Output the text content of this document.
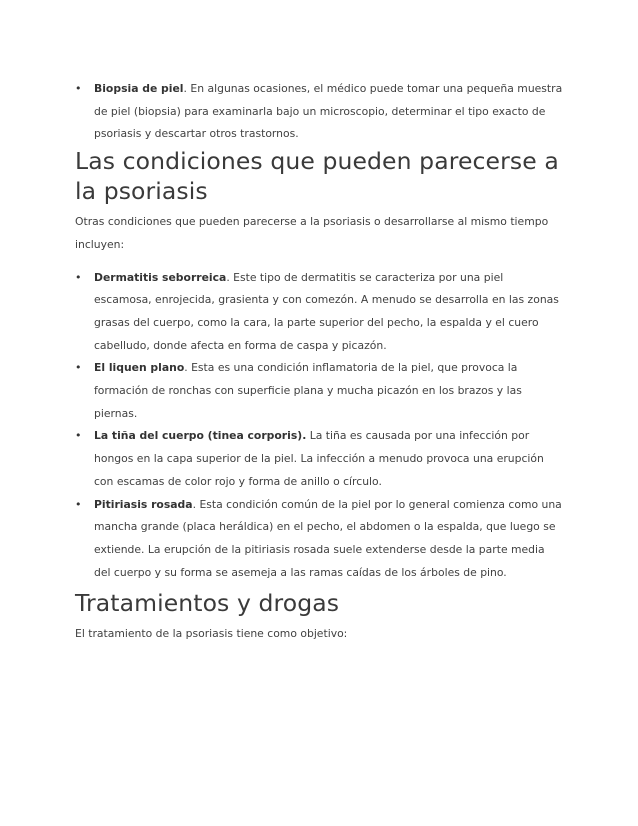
• Biopsia de piel. En algunas ocasiones, el médico puede tomar una pequeña muestra de piel (biopsia) para examinarla bajo un microscopio, determinar el tipo exacto de psoriasis y descartar otros trastornos.
Las condiciones que pueden parecerse a la psoriasis

Otras condiciones que pueden parecerse a la psoriasis o desarrollarse al mismo tiempo incluyen:

• Dermatitis seborreica. Este tipo de dermatitis se caracteriza por una piel escamosa, enrojecida, grasienta y con comezón. A menudo se desarrolla en las zonas grasas del cuerpo, como la cara, la parte superior del pecho, la espalda y el cuero cabelludo, donde afecta en forma de caspa y picazón.
• El liquen plano. Esta es una condición inflamatoria de la piel, que provoca la formación de ronchas con superficie plana y mucha picazón en los brazos y las piernas.
• La tiña del cuerpo (tinea corporis). La tiña es causada por una infección por hongos en la capa superior de la piel. La infección a menudo provoca una erupción con escamas de color rojo y forma de anillo o círculo.
• Pitiriasis rosada. Esta condición común de la piel por lo general comienza como una mancha grande (placa heráldica) en el pecho, el abdomen o la espalda, que luego se extiende. La erupción de la pitiriasis rosada suele extenderse desde la parte media del cuerpo y su forma se asemeja a las ramas caídas de los árboles de pino.
Tratamientos y drogas

El tratamiento de la psoriasis tiene como objetivo:
